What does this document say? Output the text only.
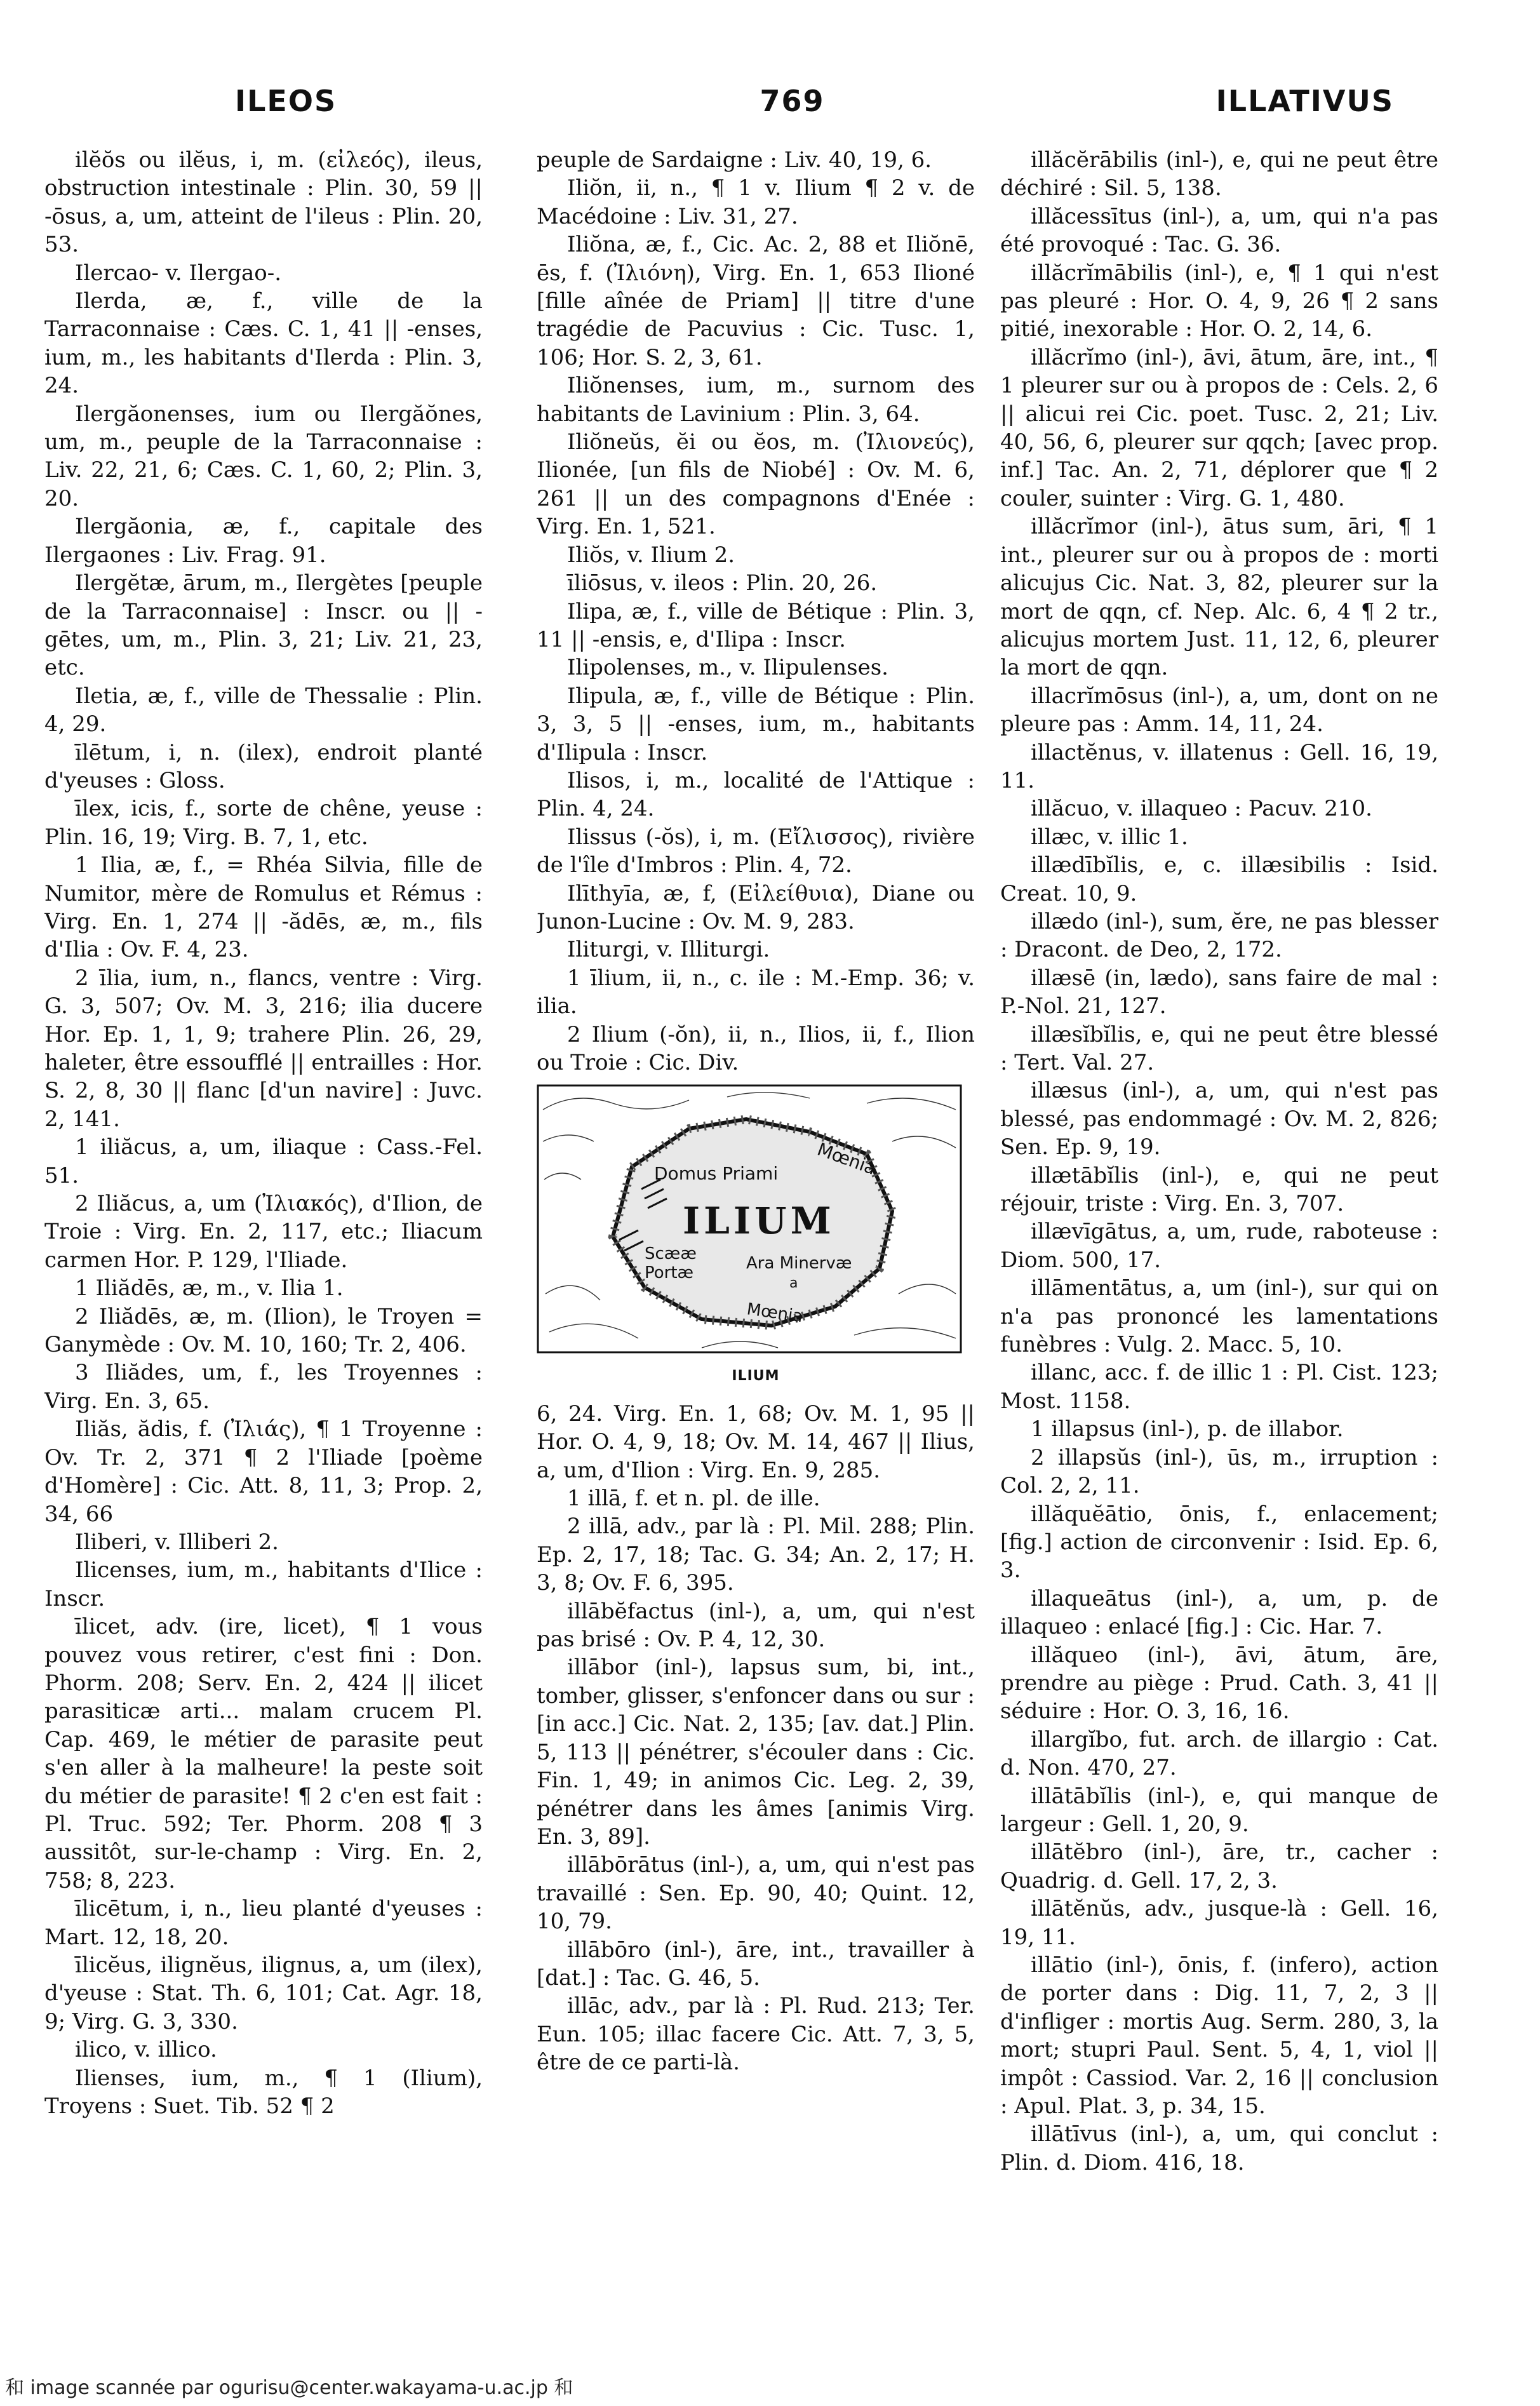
ILEOS	769	ILLATIVUS

ilĕŏs ou ilĕus, i, m. (εἰλεός), ileus, obstruction intestinale : Plin. 30, 59 || -ōsus, a, um, atteint de l'ileus : Plin. 20, 53.

Ilercao- v. Ilergao-.

Ilerda, æ, f., ville de la Tarraconnaise : Cæs. C. 1, 41 || -enses, ium, m., les habitants d'Ilerda : Plin. 3, 24.

Ilergăonenses, ium ou Ilergăŏnes, um, m., peuple de la Tarraconnaise : Liv. 22, 21, 6; Cæs. C. 1, 60, 2; Plin. 3, 20.

Ilergăonia, æ, f., capitale des Ilergaones : Liv. Frag. 91.

Ilergĕtæ, ārum, m., Ilergètes [peuple de la Tarraconnaise] : Inscr. ou || -gētes, um, m., Plin. 3, 21; Liv. 21, 23, etc.

Iletia, æ, f., ville de Thessalie : Plin. 4, 29.

īlētum, i, n. (ilex), endroit planté d'yeuses : Gloss.

īlex, icis, f., sorte de chêne, yeuse : Plin. 16, 19; Virg. B. 7, 1, etc.

1 Ilia, æ, f., = Rhéa Silvia, fille de Numitor, mère de Romulus et Rémus : Virg. En. 1, 274 || -ădēs, æ, m., fils d'Ilia : Ov. F. 4, 23.

2 īlia, ium, n., flancs, ventre : Virg. G. 3, 507; Ov. M. 3, 216; ilia ducere Hor. Ep. 1, 1, 9; trahere Plin. 26, 29, haleter, être essoufflé || entrailles : Hor. S. 2, 8, 30 || flanc [d'un navire] : Juvc. 2, 141.

1 iliăcus, a, um, iliaque : Cass.-Fel. 51.

2 Iliăcus, a, um (Ἰλιακός), d'Ilion, de Troie : Virg. En. 2, 117, etc.; Iliacum carmen Hor. P. 129, l'Iliade.

1 Iliădēs, æ, m., v. Ilia 1.

2 Iliădēs, æ, m. (Ilion), le Troyen = Ganymède : Ov. M. 10, 160; Tr. 2, 406.

3 Iliădes, um, f., les Troyennes : Virg. En. 3, 65.

Iliăs, ădis, f. (Ἰλιάς), ¶ 1 Troyenne : Ov. Tr. 2, 371 ¶ 2 l'Iliade [poème d'Homère] : Cic. Att. 8, 11, 3; Prop. 2, 34, 66

Iliberi, v. Illiberi 2.

Ilicenses, ium, m., habitants d'Ilice : Inscr.

īlicet, adv. (ire, licet), ¶ 1 vous pouvez vous retirer, c'est fini : Don. Phorm. 208; Serv. En. 2, 424 || ilicet parasiticæ arti... malam crucem Pl. Cap. 469, le métier de parasite peut s'en aller à la malheure! la peste soit du métier de parasite! ¶ 2 c'en est fait : Pl. Truc. 592; Ter. Phorm. 208 ¶ 3 aussitôt, sur-le-champ : Virg. En. 2, 758; 8, 223.

īlicētum, i, n., lieu planté d'yeuses : Mart. 12, 18, 20.

īlicĕus, ilignĕus, ilignus, a, um (ilex), d'yeuse : Stat. Th. 6, 101; Cat. Agr. 18, 9; Virg. G. 3, 330.

ilico, v. illico.

Ilienses, ium, m., ¶ 1 (Ilium), Troyens : Suet. Tib. 52 ¶ 2

peuple de Sardaigne : Liv. 40, 19, 6.

Iliŏn, ii, n., ¶ 1 v. Ilium ¶ 2 v. de Macédoine : Liv. 31, 27.

Iliŏna, æ, f., Cic. Ac. 2, 88 et Iliŏnē, ēs, f. (Ἰλιόνη), Virg. En. 1, 653 Ilioné [fille aînée de Priam] || titre d'une tragédie de Pacuvius : Cic. Tusc. 1, 106; Hor. S. 2, 3, 61.

Iliŏnenses, ium, m., surnom des habitants de Lavinium : Plin. 3, 64.

Iliŏneŭs, ĕi ou ĕos, m. (Ἰλιονεύς), Ilionée, [un fils de Niobé] : Ov. M. 6, 261 || un des compagnons d'Enée : Virg. En. 1, 521.

Iliŏs, v. Ilium 2.

īliōsus, v. ileos : Plin. 20, 26.

Ilipa, æ, f., ville de Bétique : Plin. 3, 11 || -ensis, e, d'Ilipa : Inscr.

Ilipolenses, m., v. Ilipulenses.

Ilipula, æ, f., ville de Bétique : Plin. 3, 3, 5 || -enses, ium, m., habitants d'Ilipula : Inscr.

Ilisos, i, m., localité de l'Attique : Plin. 4, 24.

Ilissus (-ŏs), i, m. (Εἴλισσος), rivière de l'île d'Imbros : Plin. 4, 72.

Ilīthyīa, æ, f, (Εἰλείθυια), Diane ou Junon-Lucine : Ov. M. 9, 283.

Iliturgi, v. Illiturgi.

1 īlium, ii, n., c. ile : M.-Emp. 36; v. ilia.

2 Ilium (-ŏn), ii, n., Ilios, ii, f., Ilion ou Troie : Cic. Div.

Domus Priami
ILIUM
Scææ
Portæ	Ara Minervæ
a
Mœnia
Mœnia
ILIUM

6, 24. Virg. En. 1, 68; Ov. M. 1, 95 || Hor. O. 4, 9, 18; Ov. M. 14, 467 || Ilius, a, um, d'Ilion : Virg. En. 9, 285.

1 illā, f. et n. pl. de ille.

2 illā, adv., par là : Pl. Mil. 288; Plin. Ep. 2, 17, 18; Tac. G. 34; An. 2, 17; H. 3, 8; Ov. F. 6, 395.

illābĕfactus (inl-), a, um, qui n'est pas brisé : Ov. P. 4, 12, 30.

illābor (inl-), lapsus sum, bi, int., tomber, glisser, s'enfoncer dans ou sur : [in acc.] Cic. Nat. 2, 135; [av. dat.] Plin. 5, 113 || pénétrer, s'écouler dans : Cic. Fin. 1, 49; in animos Cic. Leg. 2, 39, pénétrer dans les âmes [animis Virg. En. 3, 89].

illābōrātus (inl-), a, um, qui n'est pas travaillé : Sen. Ep. 90, 40; Quint. 12, 10, 79.

illābōro (inl-), āre, int., travailler à [dat.] : Tac. G. 46, 5.

illāc, adv., par là : Pl. Rud. 213; Ter. Eun. 105; illac facere Cic. Att. 7, 3, 5, être de ce parti-là.

illăcĕrābilis (inl-), e, qui ne peut être déchiré : Sil. 5, 138.

illăcessītus (inl-), a, um, qui n'a pas été provoqué : Tac. G. 36.

illăcrĭmābilis (inl-), e, ¶ 1 qui n'est pas pleuré : Hor. O. 4, 9, 26 ¶ 2 sans pitié, inexorable : Hor. O. 2, 14, 6.

illăcrĭmo (inl-), āvi, ātum, āre, int., ¶ 1 pleurer sur ou à propos de : Cels. 2, 6 || alicui rei Cic. poet. Tusc. 2, 21; Liv. 40, 56, 6, pleurer sur qqch; [avec prop. inf.] Tac. An. 2, 71, déplorer que ¶ 2 couler, suinter : Virg. G. 1, 480.

illăcrĭmor (inl-), ātus sum, āri, ¶ 1 int., pleurer sur ou à propos de : morti alicujus Cic. Nat. 3, 82, pleurer sur la mort de qqn, cf. Nep. Alc. 6, 4 ¶ 2 tr., alicujus mortem Just. 11, 12, 6, pleurer la mort de qqn.

illacrĭmōsus (inl-), a, um, dont on ne pleure pas : Amm. 14, 11, 24.

illactĕnus, v. illatenus : Gell. 16, 19, 11.

illăcuo, v. illaqueo : Pacuv. 210.

illæc, v. illic 1.

illædībĭlis, e, c. illæsibilis : Isid. Creat. 10, 9.

illædo (inl-), sum, ĕre, ne pas blesser : Dracont. de Deo, 2, 172.

illæsē (in, lædo), sans faire de mal : P.-Nol. 21, 127.

illæsĭbĭlis, e, qui ne peut être blessé : Tert. Val. 27.

illæsus (inl-), a, um, qui n'est pas blessé, pas endommagé : Ov. M. 2, 826; Sen. Ep. 9, 19.

illætābĭlis (inl-), e, qui ne peut réjouir, triste : Virg. En. 3, 707.

illævīgātus, a, um, rude, raboteuse : Diom. 500, 17.

illāmentātus, a, um (inl-), sur qui on n'a pas prononcé les lamentations funèbres : Vulg. 2. Macc. 5, 10.

illanc, acc. f. de illic 1 : Pl. Cist. 123; Most. 1158.

1 illapsus (inl-), p. de illabor.

2 illapsŭs (inl-), ūs, m., irruption : Col. 2, 2, 11.

illăquĕātio, ōnis, f., enlacement; [fig.] action de circonvenir : Isid. Ep. 6, 3.

illaqueātus (inl-), a, um, p. de illaqueo : enlacé [fig.] : Cic. Har. 7.

illăqueo (inl-), āvi, ātum, āre, prendre au piège : Prud. Cath. 3, 41 || séduire : Hor. O. 3, 16, 16.

illargĭbo, fut. arch. de illargio : Cat. d. Non. 470, 27.

illātābĭlis (inl-), e, qui manque de largeur : Gell. 1, 20, 9.

illātĕbro (inl-), āre, tr., cacher : Quadrig. d. Gell. 17, 2, 3.

illātĕnŭs, adv., jusque-là : Gell. 16, 19, 11.

illātio (inl-), ōnis, f. (infero), action de porter dans : Dig. 11, 7, 2, 3 || d'infliger : mortis Aug. Serm. 280, 3, la mort; stupri Paul. Sent. 5, 4, 1, viol || impôt : Cassiod. Var. 2, 16 || conclusion : Apul. Plat. 3, p. 34, 15.

illātīvus (inl-), a, um, qui conclut : Plin. d. Diom. 416, 18.

和 image scannée par ogurisu@center.wakayama-u.ac.jp 和
